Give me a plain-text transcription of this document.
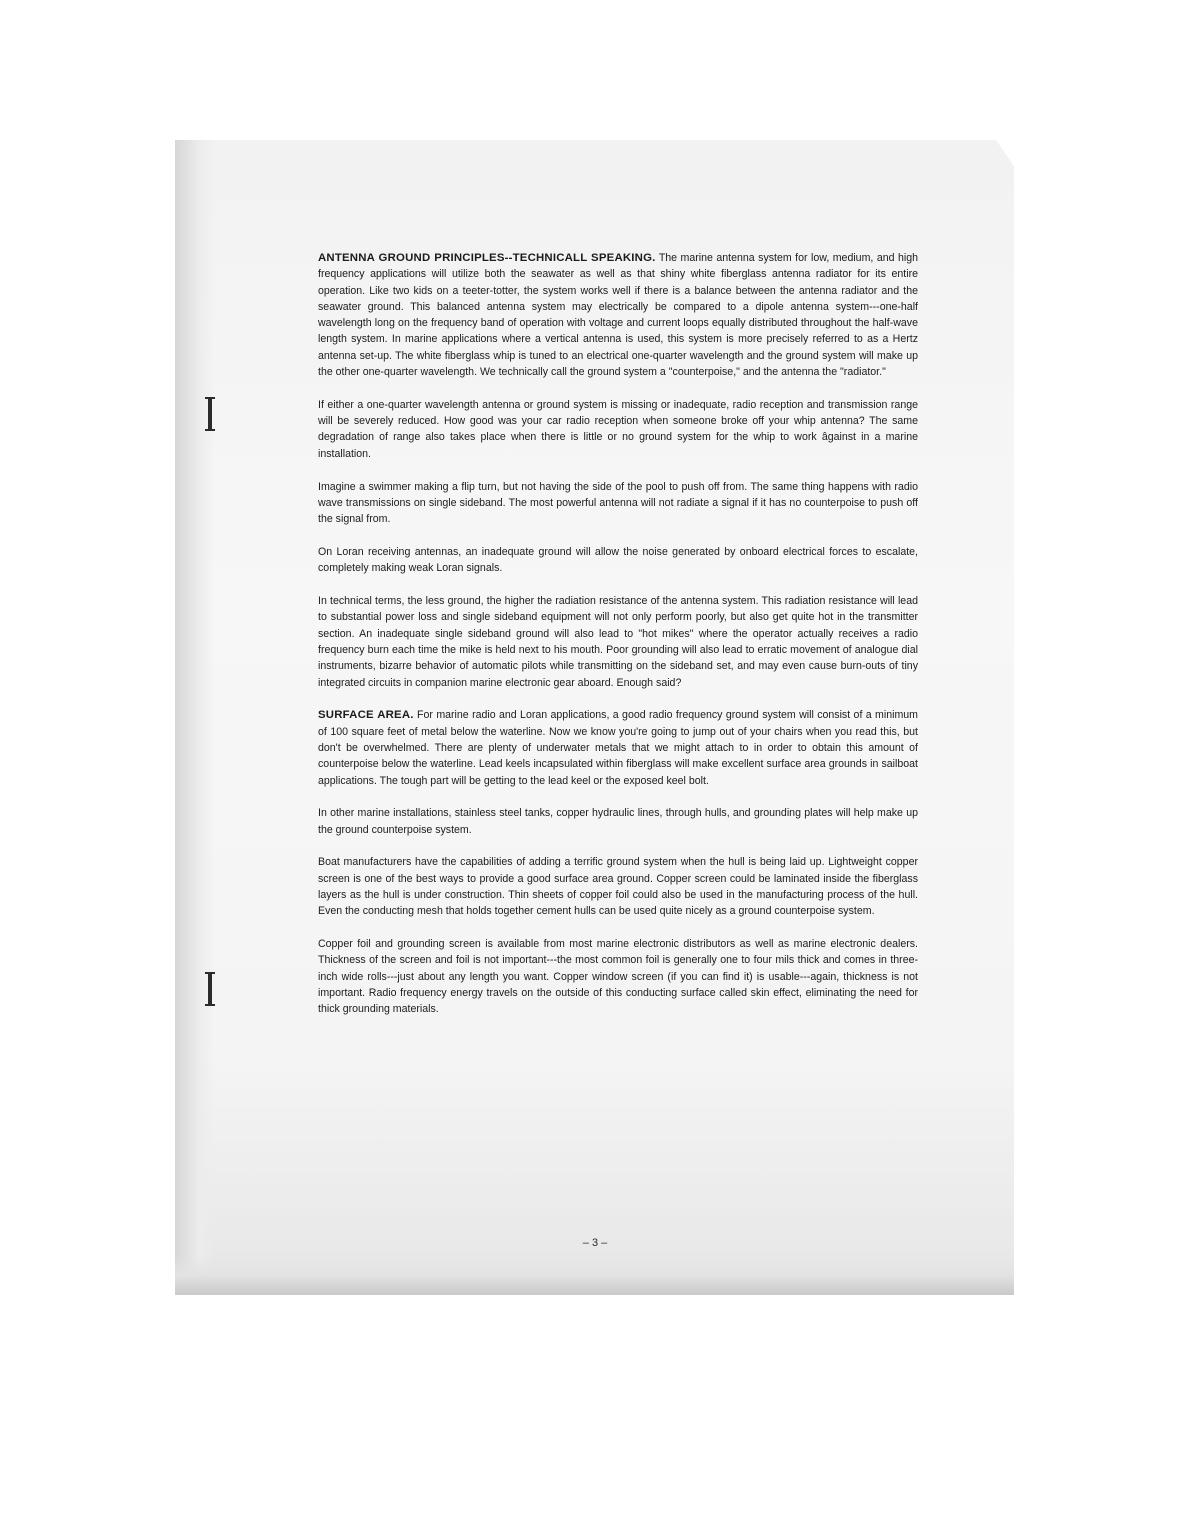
ANTENNA GROUND PRINCIPLES--TECHNICALL SPEAKING. The marine antenna system for low, medium, and high frequency applications will utilize both the seawater as well as that shiny white fiberglass antenna radiator for its entire operation. Like two kids on a teeter-totter, the system works well if there is a balance between the antenna radiator and the seawater ground. This balanced antenna system may electrically be compared to a dipole antenna system---one-half wavelength long on the frequency band of operation with voltage and current loops equally distributed throughout the half-wave length system. In marine applications where a vertical antenna is used, this system is more precisely referred to as a Hertz antenna set-up. The white fiberglass whip is tuned to an electrical one-quarter wavelength and the ground system will make up the other one-quarter wavelength. We technically call the ground system a "counterpoise," and the antenna the "radiator."

If either a one-quarter wavelength antenna or ground system is missing or inadequate, radio reception and transmission range will be severely reduced. How good was your car radio reception when someone broke off your whip antenna? The same degradation of range also takes place when there is little or no ground system for the whip to work âgainst in a marine installation.

Imagine a swimmer making a flip turn, but not having the side of the pool to push off from. The same thing happens with radio wave transmissions on single sideband. The most powerful antenna will not radiate a signal if it has no counterpoise to push off the signal from.

On Loran receiving antennas, an inadequate ground will allow the noise generated by onboard electrical forces to escalate, completely making weak Loran signals.

In technical terms, the less ground, the higher the radiation resistance of the antenna system. This radiation resistance will lead to substantial power loss and single sideband equipment will not only perform poorly, but also get quite hot in the transmitter section. An inadequate single sideband ground will also lead to "hot mikes" where the operator actually receives a radio frequency burn each time the mike is held next to his mouth. Poor grounding will also lead to erratic movement of analogue dial instruments, bizarre behavior of automatic pilots while transmitting on the sideband set, and may even cause burn-outs of tiny integrated circuits in companion marine electronic gear aboard. Enough said?

SURFACE AREA. For marine radio and Loran applications, a good radio frequency ground system will consist of a minimum of 100 square feet of metal below the waterline. Now we know you're going to jump out of your chairs when you read this, but don't be overwhelmed. There are plenty of underwater metals that we might attach to in order to obtain this amount of counterpoise below the waterline. Lead keels incapsulated within fiberglass will make excellent surface area grounds in sailboat applications. The tough part will be getting to the lead keel or the exposed keel bolt.

In other marine installations, stainless steel tanks, copper hydraulic lines, through hulls, and grounding plates will help make up the ground counterpoise system.

Boat manufacturers have the capabilities of adding a terrific ground system when the hull is being laid up. Lightweight copper screen is one of the best ways to provide a good surface area ground. Copper screen could be laminated inside the fiberglass layers as the hull is under construction. Thin sheets of copper foil could also be used in the manufacturing process of the hull. Even the conducting mesh that holds together cement hulls can be used quite nicely as a ground counterpoise system.

Copper foil and grounding screen is available from most marine electronic distributors as well as marine electronic dealers. Thickness of the screen and foil is not important---the most common foil is generally one to four mils thick and comes in three-inch wide rolls---just about any length you want. Copper window screen (if you can find it) is usable---again, thickness is not important. Radio frequency energy travels on the outside of this conducting surface called skin effect, eliminating the need for thick grounding materials.

– 3 –
